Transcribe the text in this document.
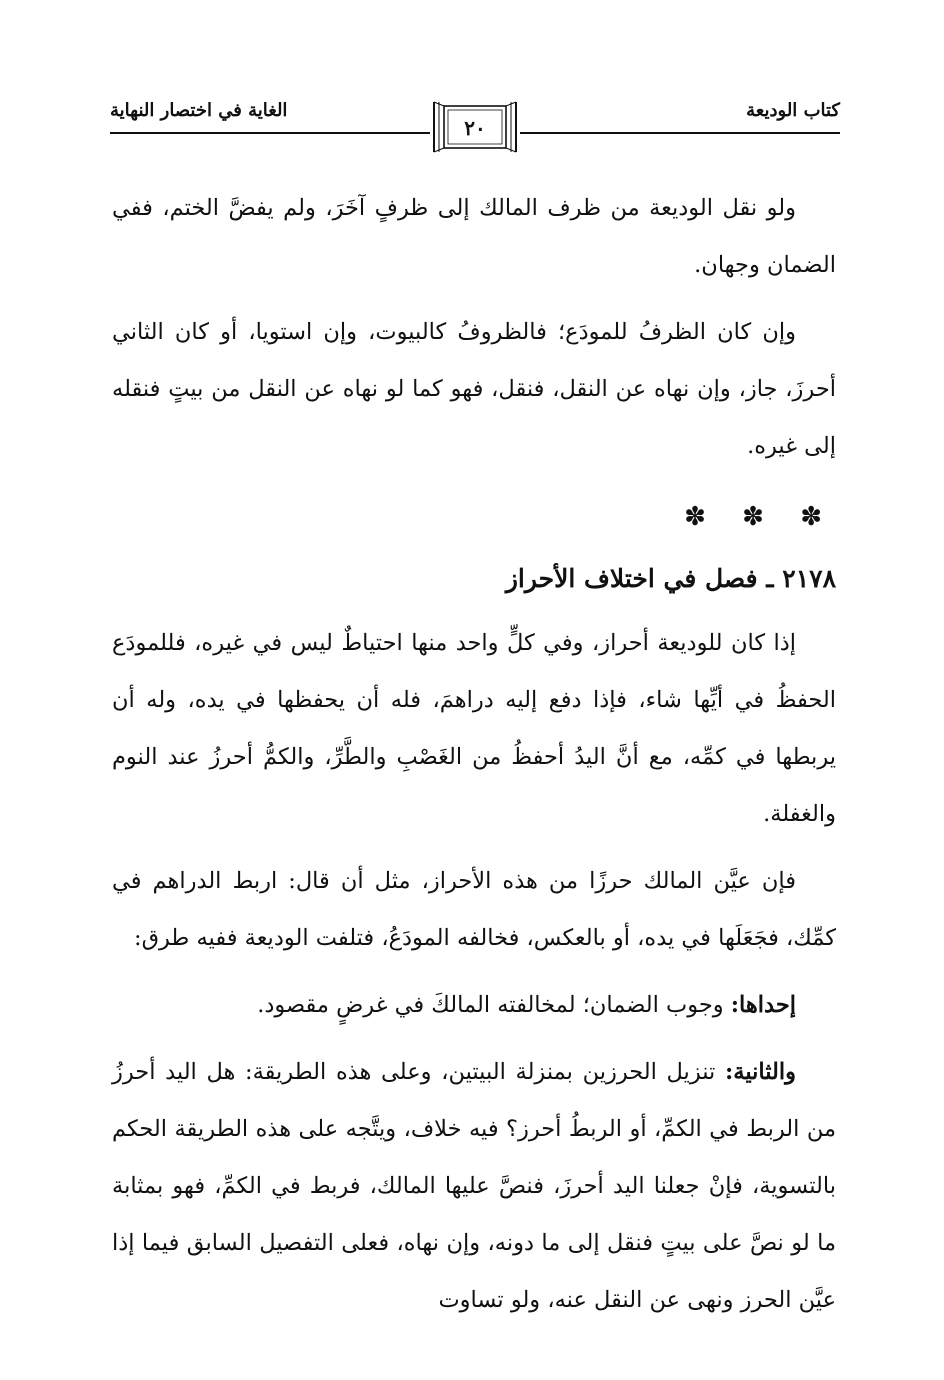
كتاب الوديعة
الغاية في اختصار النهاية
٢٠

ولو نقل الوديعة من ظرف المالك إلى ظرفٍ آخَرَ، ولم يفضَّ الختم، ففي الضمان وجهان.

وإن كان الظرفُ للمودَع؛ فالظروفُ كالبيوت، وإن استويا، أو كان الثاني أحرزَ، جاز، وإن نهاه عن النقل، فنقل، فهو كما لو نهاه عن النقل من بيتٍ فنقله إلى غيره.

✽ ✽ ✽
٢١٧٨ ـ فصل في اختلاف الأحراز

إذا كان للوديعة أحراز، وفي كلٍّ واحد منها احتياطٌ ليس في غيره، فللمودَع الحفظُ في أيِّها شاء، فإذا دفع إليه دراهمَ، فله أن يحفظها في يده، وله أن يربطها في كمِّه، مع أنَّ اليدُ أحفظُ من الغَصْبِ والطَّرِّ، والكمُّ أحرزُ عند النوم والغفلة.

فإن عيَّن المالك حرزًا من هذه الأحراز، مثل أن قال: اربط الدراهم في كمِّك، فجَعَلَها في يده، أو بالعكس، فخالفه المودَعُ، فتلفت الوديعة ففيه طرق:

إحداها: وجوب الضمان؛ لمخالفته المالكَ في غرضٍ مقصود.

والثانية: تنزيل الحرزين بمنزلة البيتين، وعلى هذه الطريقة: هل اليد أحرزُ من الربط في الكمِّ، أو الربطُ أحرز؟ فيه خلاف، ويتَّجه على هذه الطريقة الحكم بالتسوية، فإنْ جعلنا اليد أحرزَ، فنصَّ عليها المالك، فربط في الكمِّ، فهو بمثابة ما لو نصَّ على بيتٍ فنقل إلى ما دونه، وإن نهاه، فعلى التفصيل السابق فيما إذا عيَّن الحرز ونهى عن النقل عنه، ولو تساوت
